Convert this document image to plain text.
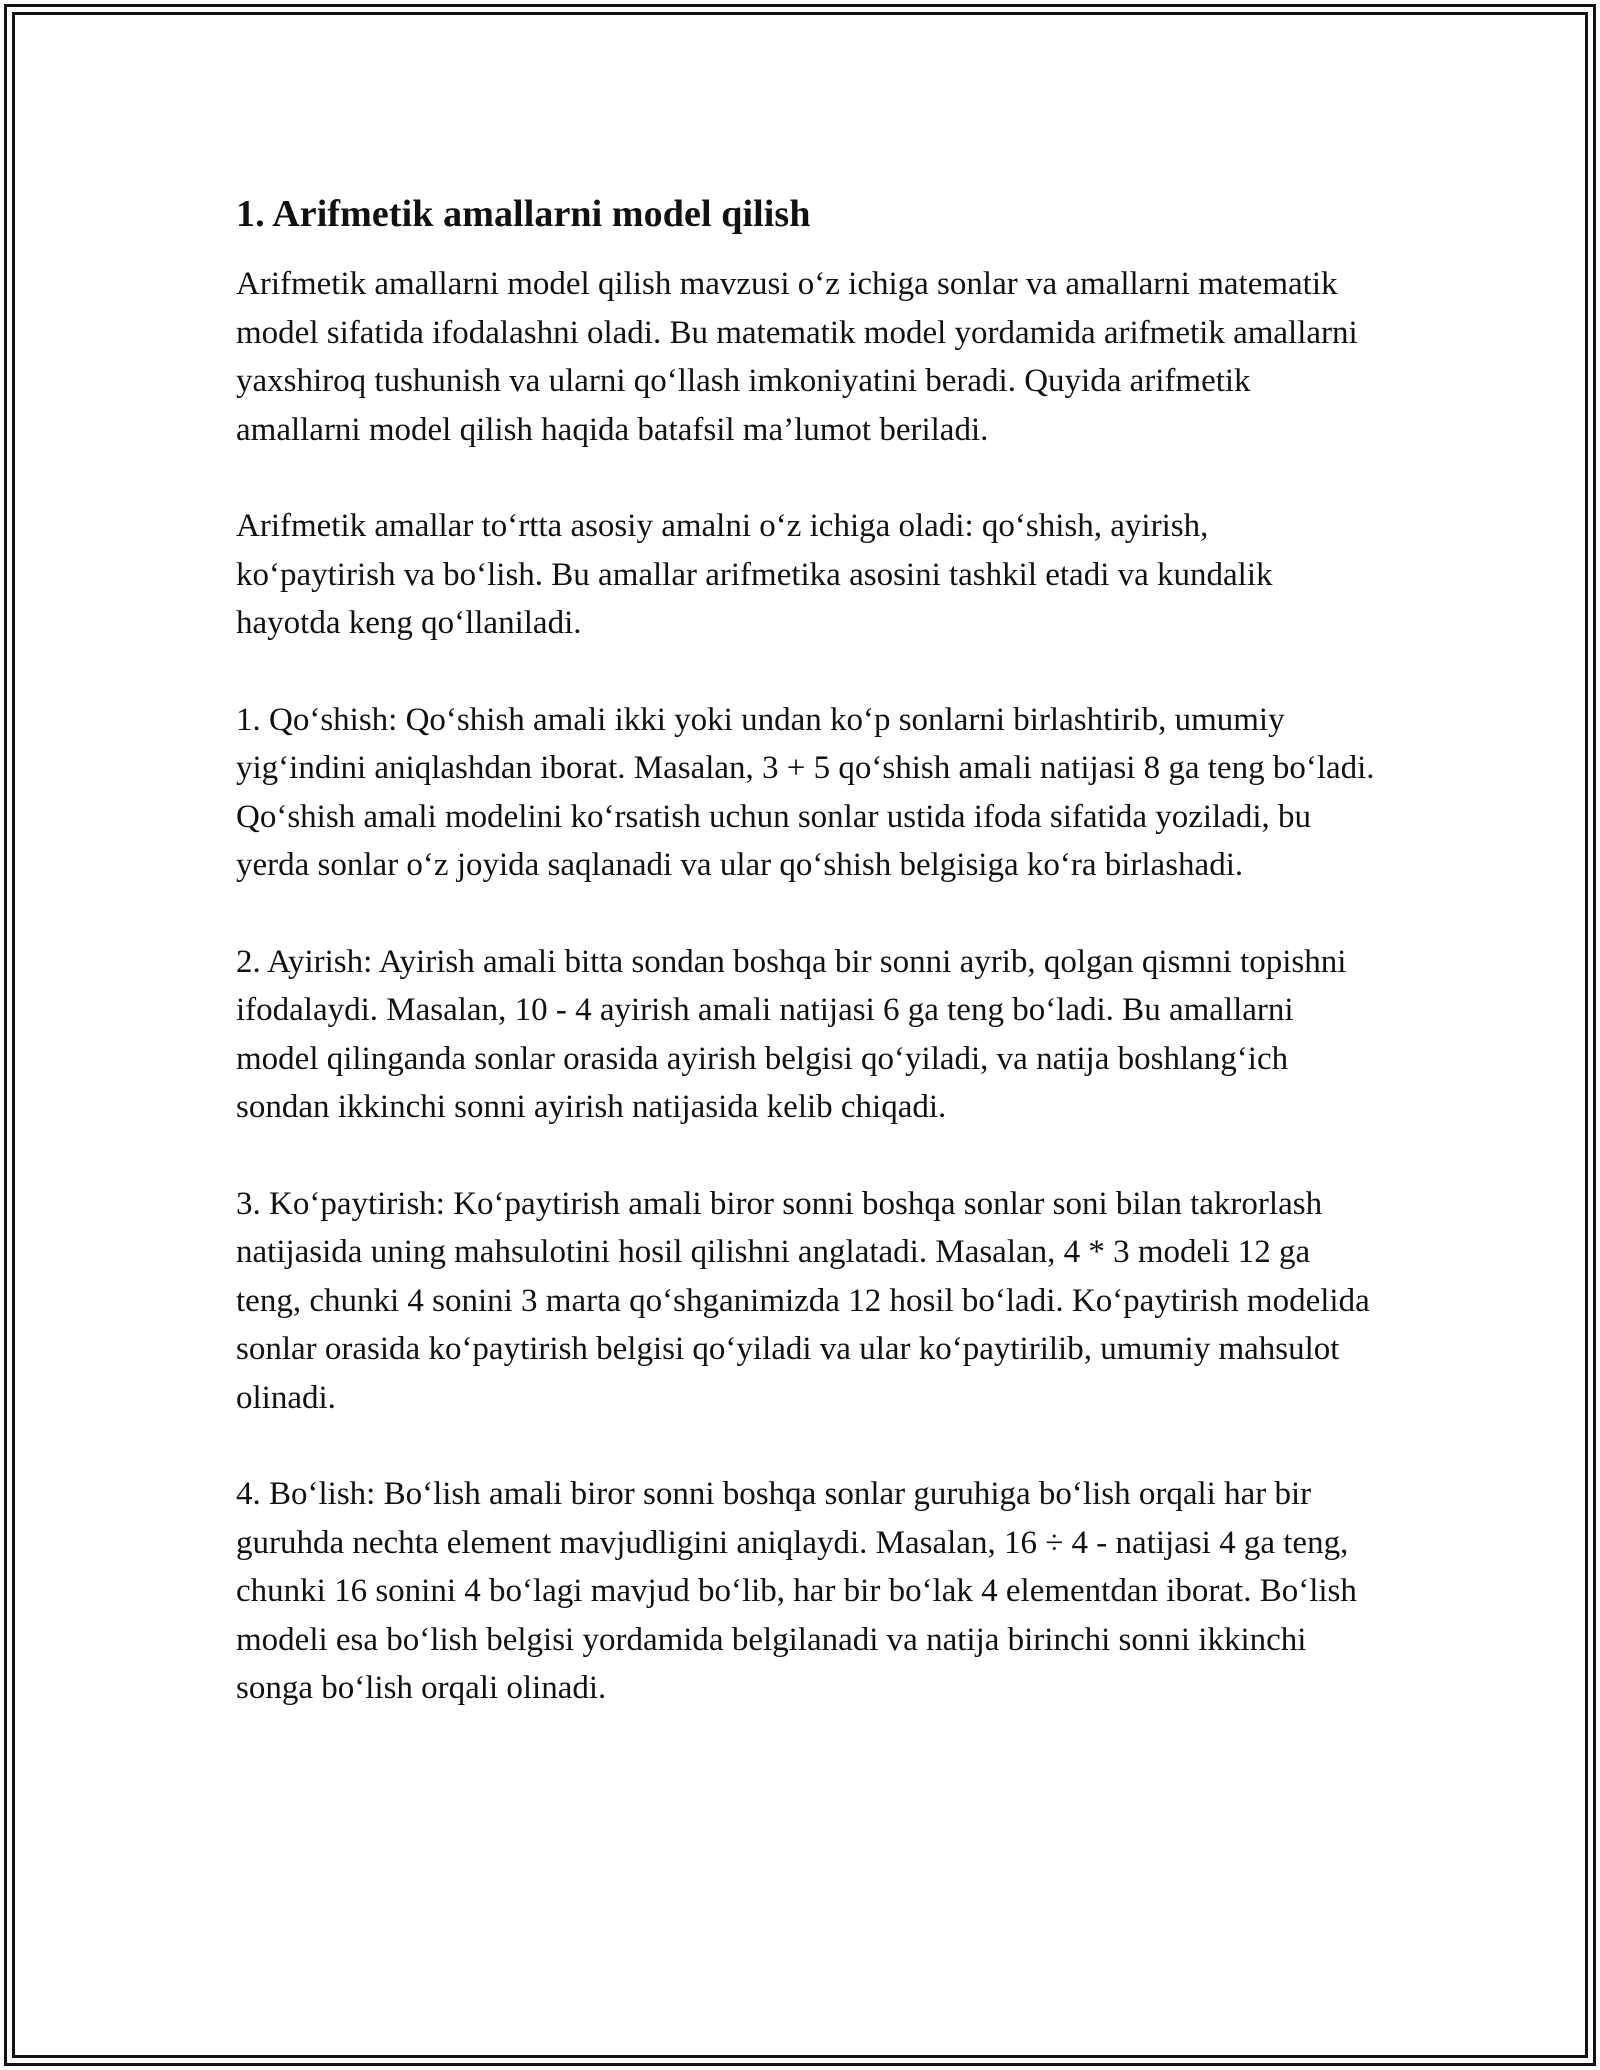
1. Arifmetik amallarni model qilish

Arifmetik amallarni model qilish mavzusi o‘z ichiga sonlar va amallarni matematik model sifatida ifodalashni oladi. Bu matematik model yordamida arifmetik amallarni yaxshiroq tushunish va ularni qo‘llash imkoniyatini beradi. Quyida arifmetik amallarni model qilish haqida batafsil ma’lumot beriladi.

Arifmetik amallar to‘rtta asosiy amalni o‘z ichiga oladi: qo‘shish, ayirish, ko‘paytirish va bo‘lish. Bu amallar arifmetika asosini tashkil etadi va kundalik hayotda keng qo‘llaniladi.

1. Qo‘shish: Qo‘shish amali ikki yoki undan ko‘p sonlarni birlashtirib, umumiy yig‘indini aniqlashdan iborat. Masalan, 3 + 5 qo‘shish amali natijasi 8 ga teng bo‘ladi. Qo‘shish amali modelini ko‘rsatish uchun sonlar ustida ifoda sifatida yoziladi, bu yerda sonlar o‘z joyida saqlanadi va ular qo‘shish belgisiga ko‘ra birlashadi.

2. Ayirish: Ayirish amali bitta sondan boshqa bir sonni ayrib, qolgan qismni topishni ifodalaydi. Masalan, 10 - 4 ayirish amali natijasi 6 ga teng bo‘ladi. Bu amallarni model qilinganda sonlar orasida ayirish belgisi qo‘yiladi, va natija boshlang‘ich sondan ikkinchi sonni ayirish natijasida kelib chiqadi.

3. Ko‘paytirish: Ko‘paytirish amali biror sonni boshqa sonlar soni bilan takrorlash natijasida uning mahsulotini hosil qilishni anglatadi. Masalan, 4 * 3 modeli 12 ga teng, chunki 4 sonini 3 marta qo‘shganimizda 12 hosil bo‘ladi. Ko‘paytirish modelida sonlar orasida ko‘paytirish belgisi qo‘yiladi va ular ko‘paytirilib, umumiy mahsulot olinadi.

4. Bo‘lish: Bo‘lish amali biror sonni boshqa sonlar guruhiga bo‘lish orqali har bir guruhda nechta element mavjudligini aniqlaydi. Masalan, 16 ÷ 4 - natijasi 4 ga teng, chunki 16 sonini 4 bo‘lagi mavjud bo‘lib, har bir bo‘lak 4 elementdan iborat. Bo‘lish modeli esa bo‘lish belgisi yordamida belgilanadi va natija birinchi sonni ikkinchi songa bo‘lish orqali olinadi.
